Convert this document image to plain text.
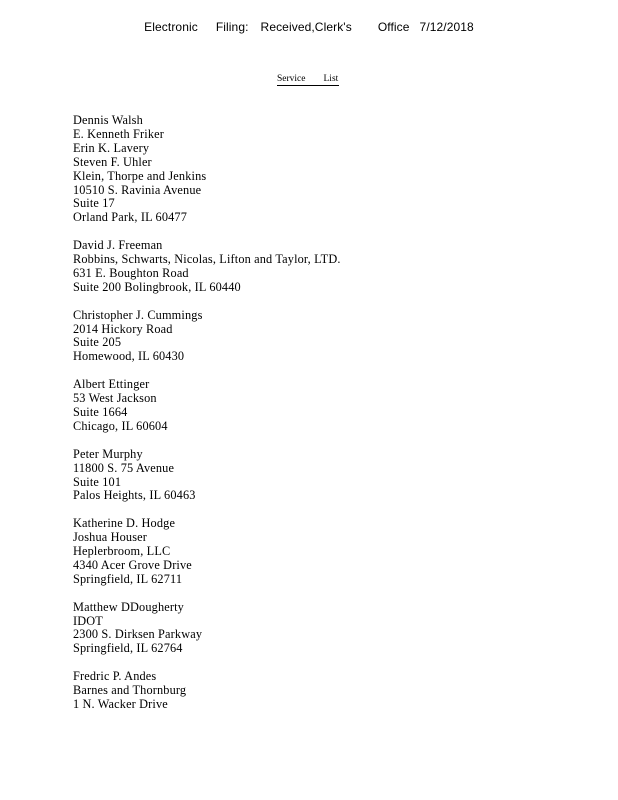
Electronic Filing: Received,Clerk's Office 7/12/2018
Service List
Dennis Walsh
E. Kenneth Friker
Erin K. Lavery
Steven F. Uhler
Klein, Thorpe and Jenkins
10510 S. Ravinia Avenue
Suite 17
Orland Park, IL 60477
David J. Freeman
Robbins, Schwarts, Nicolas, Lifton and Taylor, LTD.
631 E. Boughton Road
Suite 200 Bolingbrook, IL 60440
Christopher J. Cummings
2014 Hickory Road
Suite 205
Homewood, IL 60430
Albert Ettinger
53 West Jackson
Suite 1664
Chicago, IL 60604
Peter Murphy
11800 S. 75 Avenue
Suite 101
Palos Heights, IL 60463
Katherine D. Hodge
Joshua Houser
Heplerbroom, LLC
4340 Acer Grove Drive
Springfield, IL 62711
Matthew DDougherty
IDOT
2300 S. Dirksen Parkway
Springfield, IL 62764
Fredric P. Andes
Barnes and Thornburg
1 N. Wacker Drive
